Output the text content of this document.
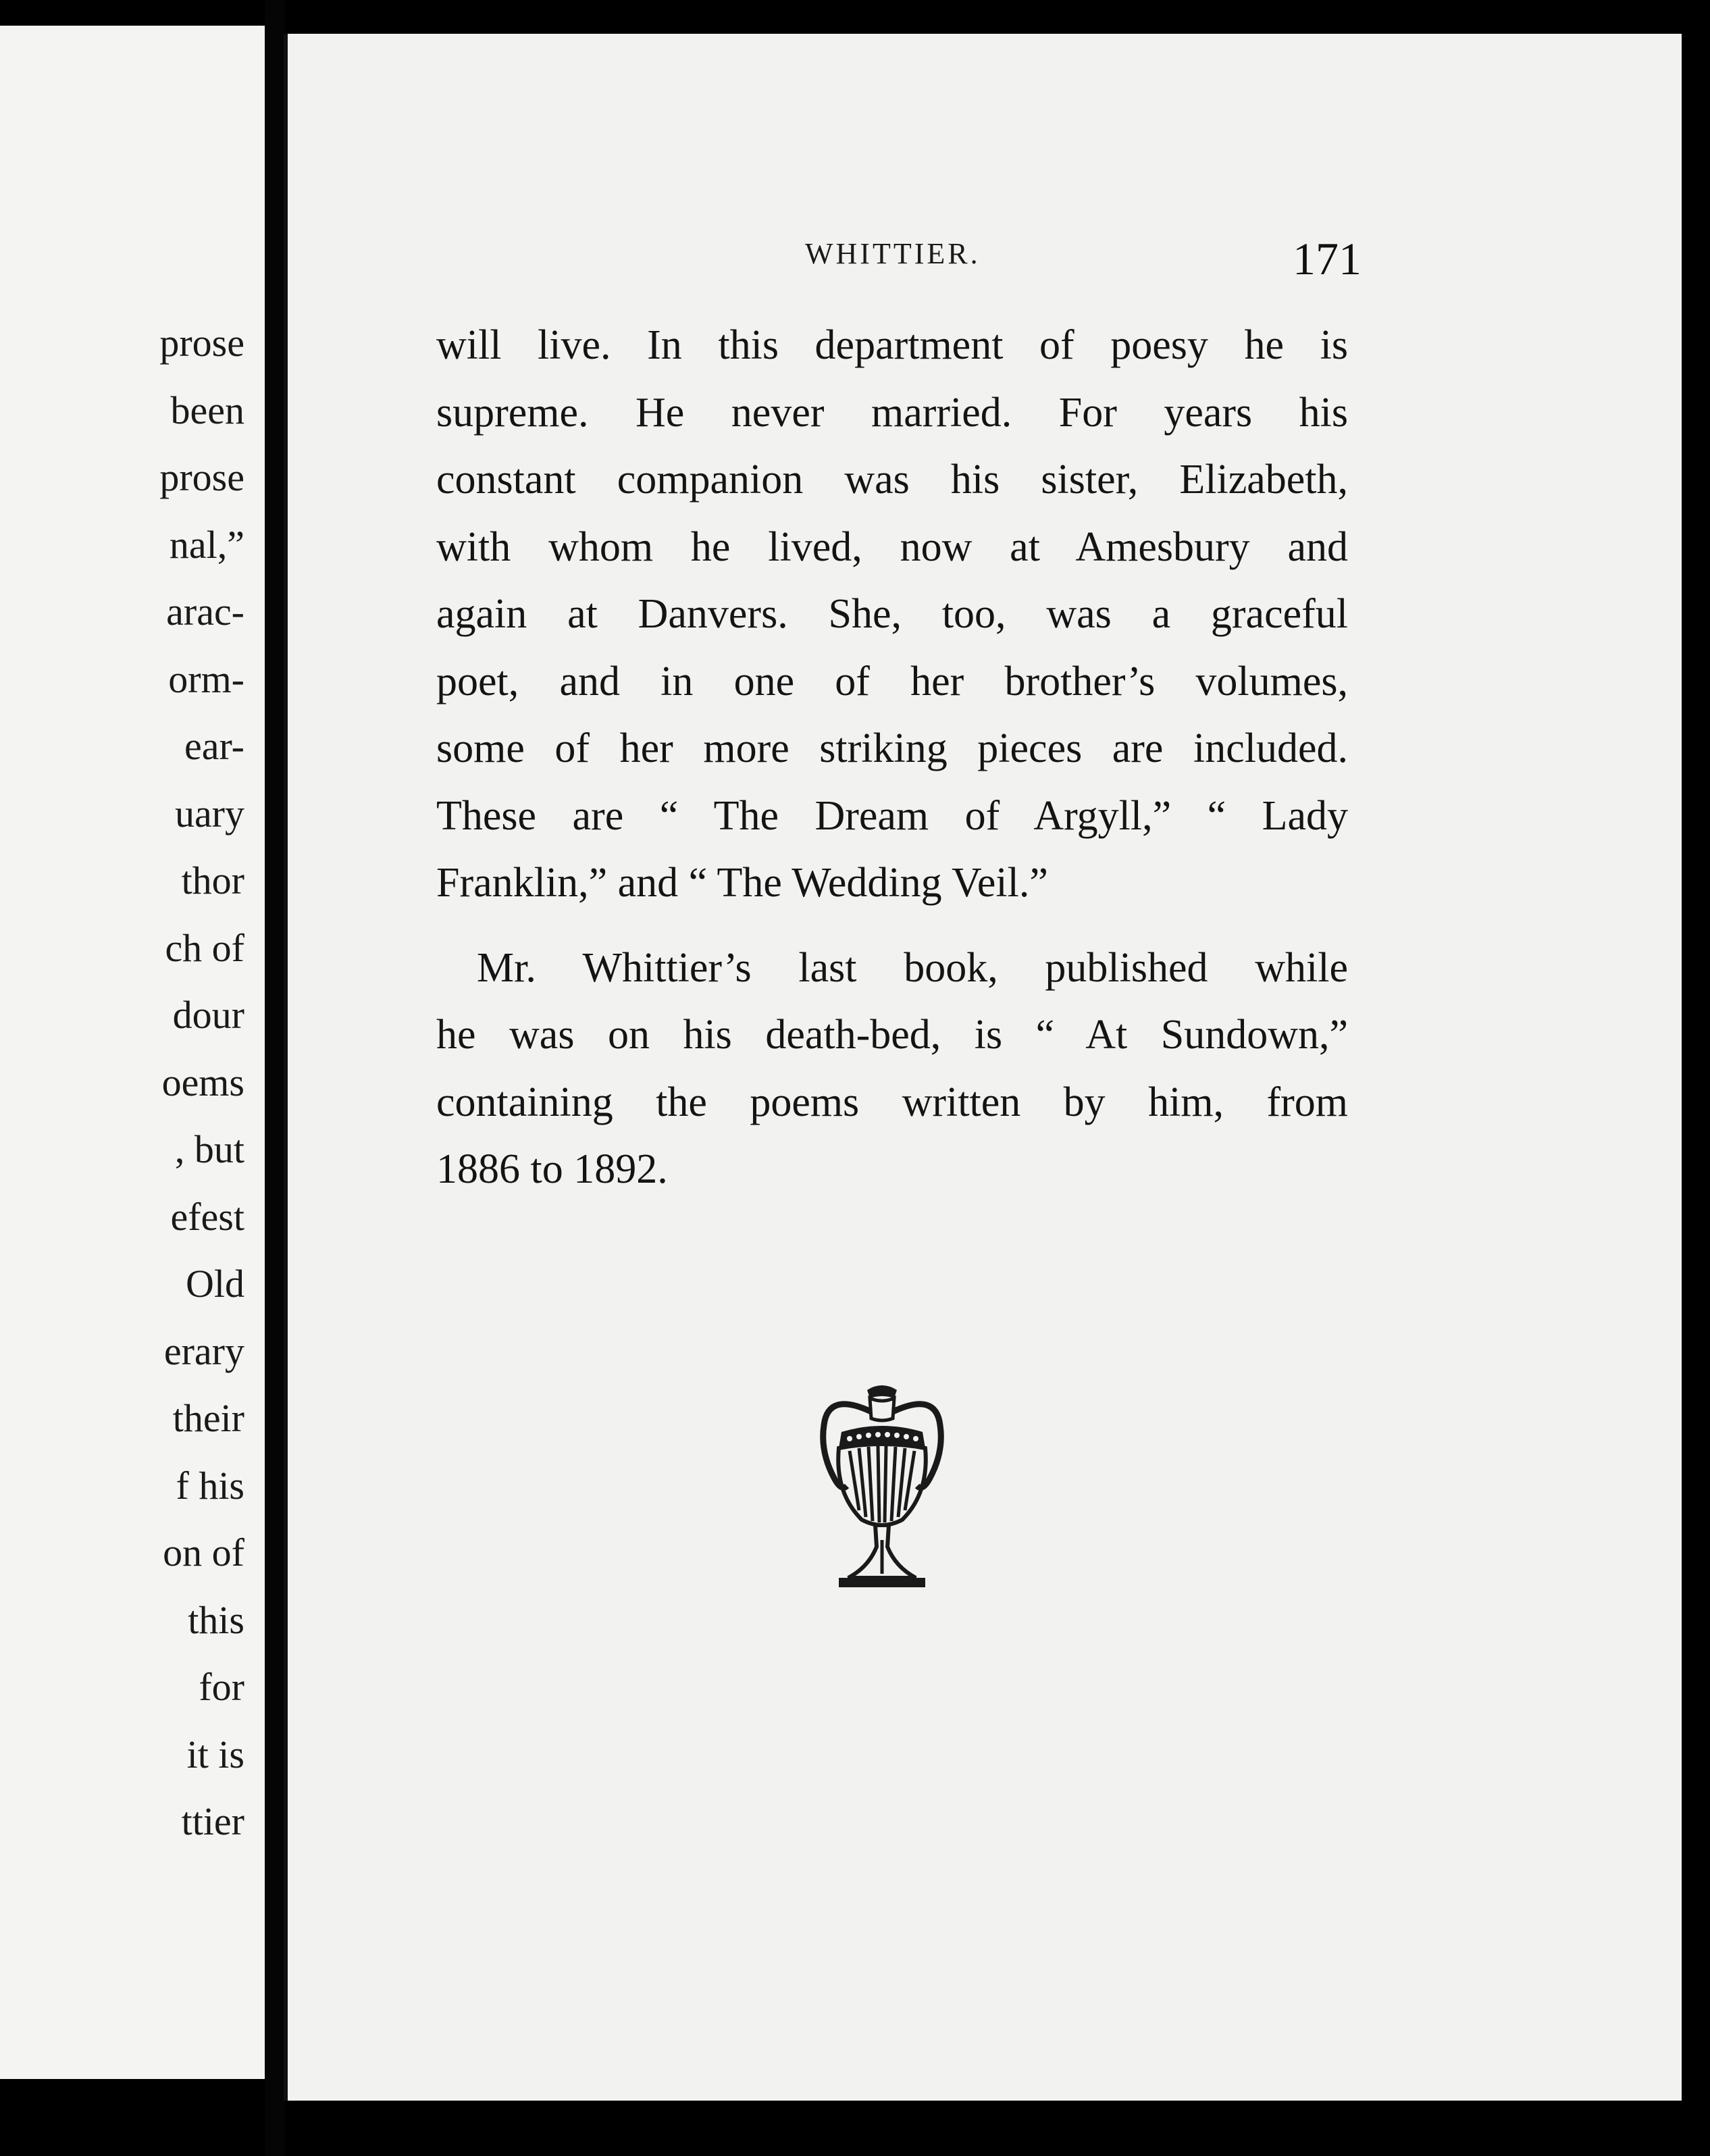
prose
been
prose
nal,”
arac-
orm-
ear-
uary
thor
ch of
dour
oems
, but
efest
Old
erary
their
f his
on of
this
for
it is
ttier
WHITTIER.	171
will live. In this department of poesy he is
supreme. He never married. For years his
constant companion was his sister, Elizabeth,
with whom he lived, now at Amesbury and
again at Danvers. She, too, was a graceful
poet, and in one of her brother’s volumes,
some of her more striking pieces are included.
These are “ The Dream of Argyll,” “ Lady
Franklin,” and “ The Wedding Veil.”
Mr. Whittier’s last book, published while
he was on his death-bed, is “ At Sundown,”
containing the poems written by him, from
1886 to 1892.
